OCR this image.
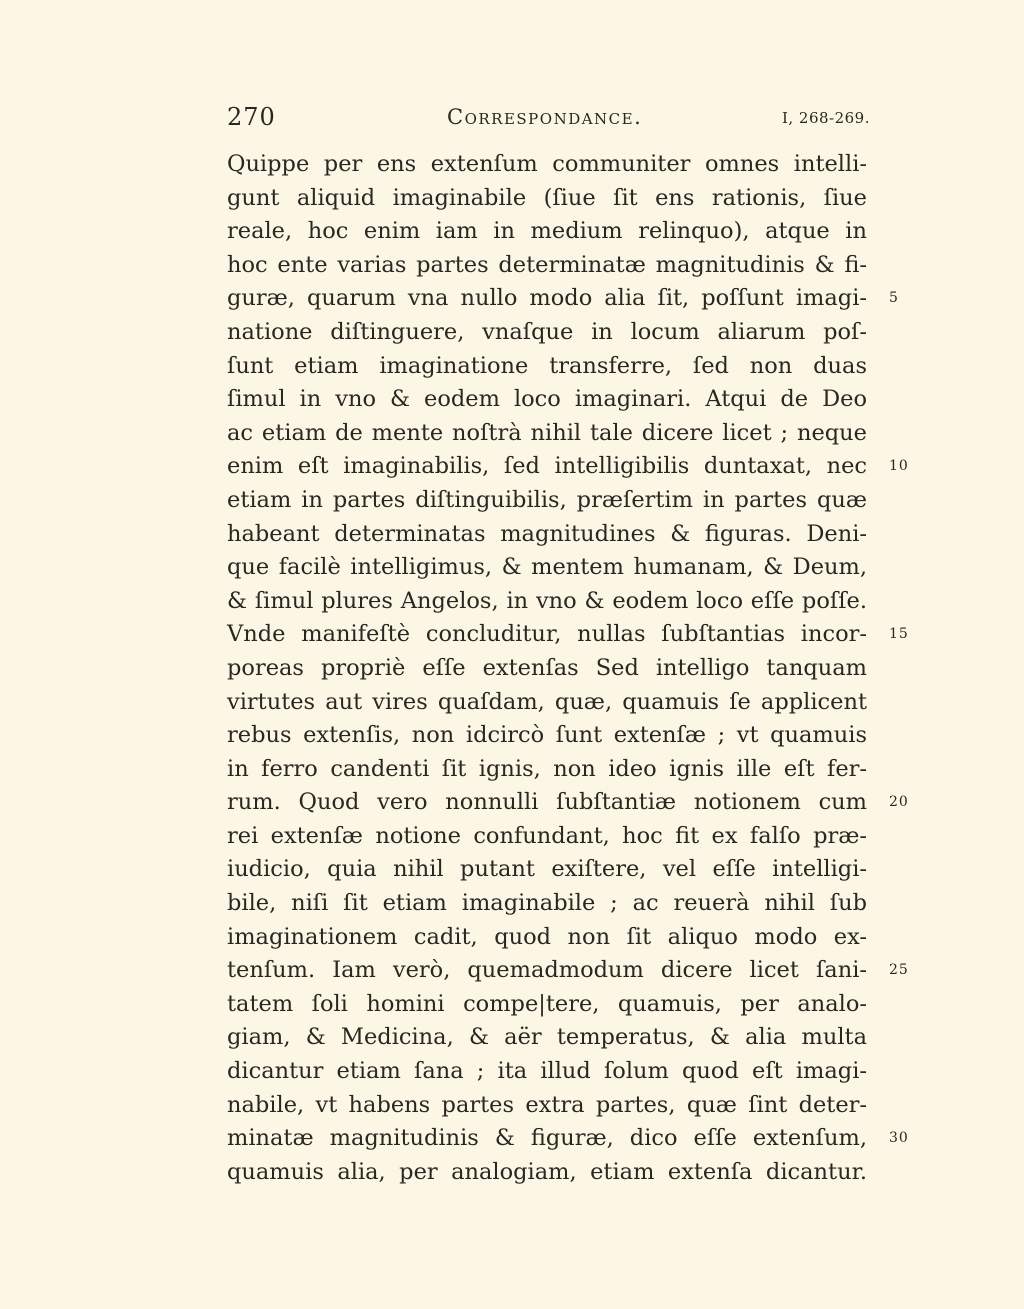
270	Correspondance.	I, 268-269.
Quippe per ens extenſum communiter omnes intelli-
gunt aliquid imaginabile (ſiue ſit ens rationis, ſiue
reale, hoc enim iam in medium relinquo), atque in
hoc ente varias partes determinatæ magnitudinis & fi-
guræ, quarum vna nullo modo alia ſit, poſſunt imagi- 5
natione diſtinguere, vnaſque in locum aliarum poſ-
ſunt etiam imaginatione transferre, ſed non duas
ſimul in vno & eodem loco imaginari. Atqui de Deo
ac etiam de mente noſtrà nihil tale dicere licet ; neque
enim eſt imaginabilis, ſed intelligibilis duntaxat, nec 10
etiam in partes diſtinguibilis, præſertim in partes quæ
habeant determinatas magnitudines & figuras. Deni-
que facilè intelligimus, & mentem humanam, & Deum,
& ſimul plures Angelos, in vno & eodem loco eſſe poſſe.
Vnde manifeſtè concluditur, nullas ſubſtantias incor- 15
poreas propriè eſſe extenſas Sed intelligo tanquam
virtutes aut vires quaſdam, quæ, quamuis ſe applicent
rebus extenſis, non idcircò ſunt extenſæ ; vt quamuis
in ferro candenti ſit ignis, non ideo ignis ille eſt fer-
rum. Quod vero nonnulli ſubſtantiæ notionem cum 20
rei extenſæ notione confundant, hoc fit ex falſo præ-
iudicio, quia nihil putant exiſtere, vel eſſe intelligi-
bile, niſi ſit etiam imaginabile ; ac reuerà nihil ſub
imaginationem cadit, quod non ſit aliquo modo ex-
tenſum. Iam verò, quemadmodum dicere licet ſani- 25
tatem ſoli homini compe|tere, quamuis, per analo-
giam, & Medicina, & aër temperatus, & alia multa
dicantur etiam ſana ; ita illud ſolum quod eſt imagi-
nabile, vt habens partes extra partes, quæ ſint deter-
minatæ magnitudinis & figuræ, dico eſſe extenſum, 30
quamuis alia, per analogiam, etiam extenſa dicantur.
